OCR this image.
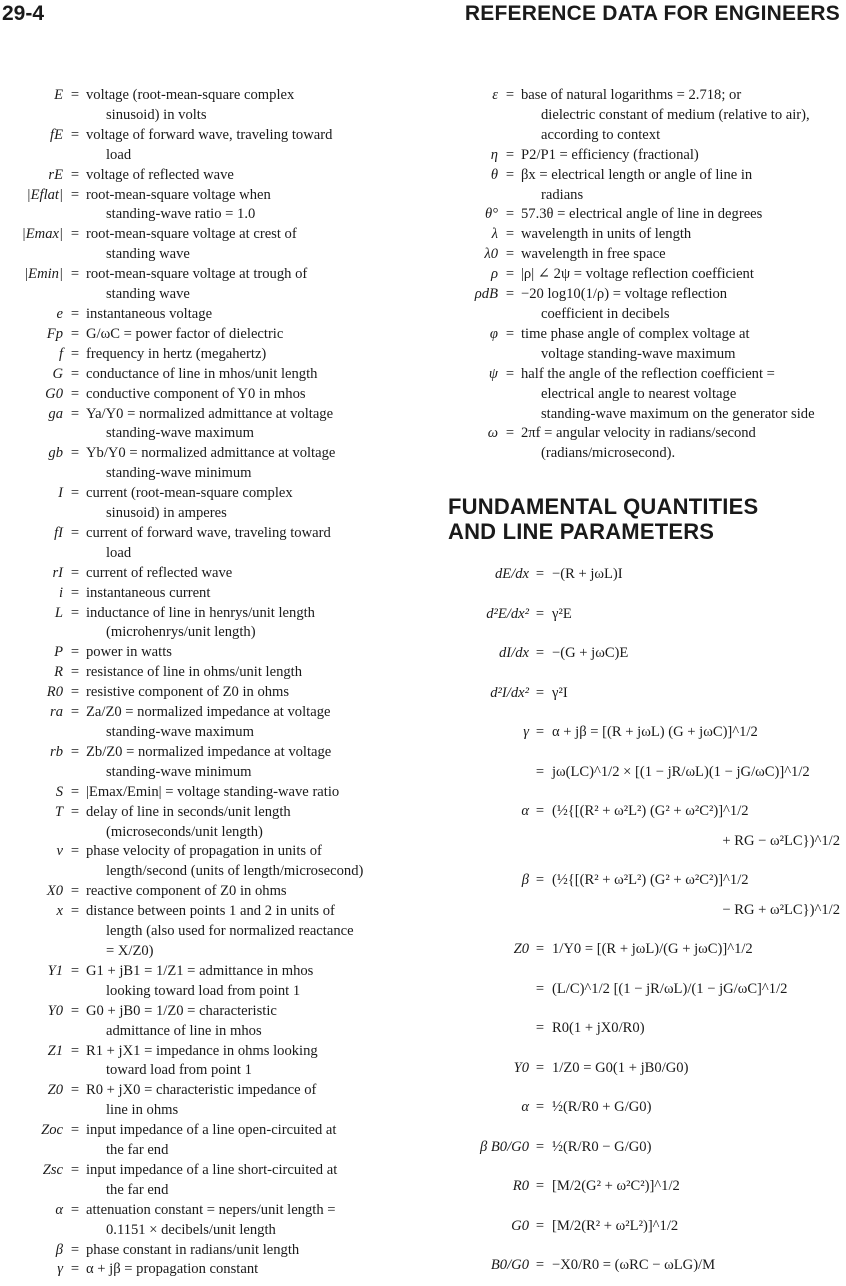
29-4	REFERENCE DATA FOR ENGINEERS
E = voltage (root-mean-square complex
sinusoid) in volts
fE = voltage of forward wave, traveling toward
load
rE = voltage of reflected wave
|Eflat| = root-mean-square voltage when
standing-wave ratio = 1.0
|Emax| = root-mean-square voltage at crest of
standing wave
|Emin| = root-mean-square voltage at trough of
standing wave
e = instantaneous voltage
Fp = G/ωC = power factor of dielectric
f = frequency in hertz (megahertz)
G = conductance of line in mhos/unit length
G0 = conductive component of Y0 in mhos
ga = Ya/Y0 = normalized admittance at voltage
standing-wave maximum
gb = Yb/Y0 = normalized admittance at voltage
standing-wave minimum
I = current (root-mean-square complex
sinusoid) in amperes
fI = current of forward wave, traveling toward
load
rI = current of reflected wave
i = instantaneous current
L = inductance of line in henrys/unit length
(microhenrys/unit length)
P = power in watts
R = resistance of line in ohms/unit length
R0 = resistive component of Z0 in ohms
ra = Za/Z0 = normalized impedance at voltage
standing-wave maximum
rb = Zb/Z0 = normalized impedance at voltage
standing-wave minimum
S = |Emax/Emin| = voltage standing-wave ratio
T = delay of line in seconds/unit length
(microseconds/unit length)
v = phase velocity of propagation in units of
length/second (units of length/microsecond)
X0 = reactive component of Z0 in ohms
x = distance between points 1 and 2 in units of
length (also used for normalized reactance
= X/Z0)
Y1 = G1 + jB1 = 1/Z1 = admittance in mhos
looking toward load from point 1
Y0 = G0 + jB0 = 1/Z0 = characteristic
admittance of line in mhos
Z1 = R1 + jX1 = impedance in ohms looking
toward load from point 1
Z0 = R0 + jX0 = characteristic impedance of
line in ohms
Zoc = input impedance of a line open-circuited at
the far end
Zsc = input impedance of a line short-circuited at
the far end
α = attenuation constant = nepers/unit length =
0.1151 × decibels/unit length
β = phase constant in radians/unit length
γ = α + jβ = propagation constant
ε = base of natural logarithms = 2.718; or
dielectric constant of medium (relative to air),
according to context
η = P2/P1 = efficiency (fractional)
θ = βx = electrical length or angle of line in
radians
θ° = 57.3θ = electrical angle of line in degrees
λ = wavelength in units of length
λ0 = wavelength in free space
ρ = |ρ| ∠ 2ψ = voltage reflection coefficient
ρdB = −20 log10(1/ρ) = voltage reflection
coefficient in decibels
φ = time phase angle of complex voltage at
voltage standing-wave maximum
ψ = half the angle of the reflection coefficient =
electrical angle to nearest voltage
standing-wave maximum on the generator side
ω = 2πf = angular velocity in radians/second
(radians/microsecond).
FUNDAMENTAL QUANTITIES
AND LINE PARAMETERS
dE/dx = −(R + jωL)I
d²E/dx² = γ²E
dI/dx = −(G + jωC)E
d²I/dx² = γ²I
γ = α + jβ = [(R + jωL) (G + jωC)]^1/2
= jω(LC)^1/2 × [(1 − jR/ωL)(1 − jG/ωC)]^1/2
α = (½{[(R² + ω²L²) (G² + ω²C²)]^1/2
+ RG − ω²LC})^1/2
β = (½{[(R² + ω²L²) (G² + ω²C²)]^1/2
− RG + ω²LC})^1/2
Z0 = 1/Y0 = [(R + jωL)/(G + jωC)]^1/2
= (L/C)^1/2 [(1 − jR/ωL)/(1 − jG/ωC]^1/2
= R0(1 + jX0/R0)
Y0 = 1/Z0 = G0(1 + jB0/G0)
α = ½(R/R0 + G/G0)
β B0/G0 = ½(R/R0 − G/G0)
R0 = [M/2(G² + ω²C²)]^1/2
G0 = [M/2(R² + ω²L²)]^1/2
B0/G0 = −X0/R0 = (ωRC − ωLG)/M
